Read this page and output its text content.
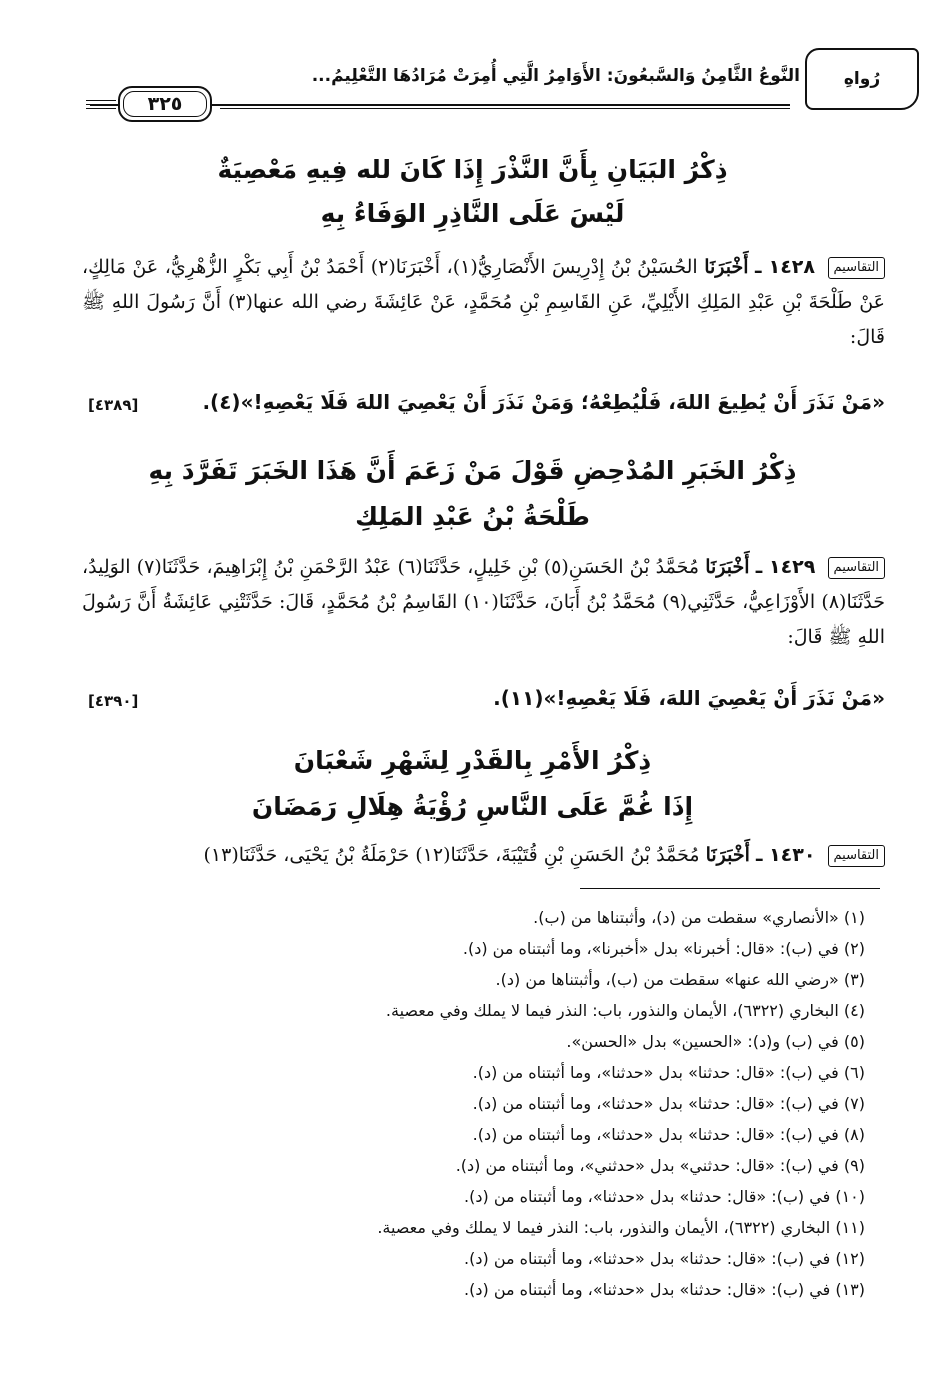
رُواهِ
النَّوعُ الثَّامِنُ وَالسَّبعُونَ: الأَوَامِرُ الَّتِي أُمِرَتْ مُرَادُهَا التَّعْلِيمُ...
٣٢٥
ذِكْرُ البَيَانِ بِأَنَّ النَّذْرَ إِذَا كَانَ لله فِيهِ مَعْصِيَةٌ
لَيْسَ عَلَى النَّاذِرِ الوَفَاءُ بِهِ
التقاسيم ١٤٢٨ ـ أَخْبَرَنَا الحُسَيْنُ بْنُ إِدْرِيسَ الأَنْصَارِيُّ(١)، أَخْبَرَنَا(٢) أَحْمَدُ بْنُ أَبِي بَكْرٍ الزُّهْرِيُّ، عَنْ مَالِكٍ، عَنْ طَلْحَةَ بْنِ عَبْدِ المَلِكِ الأَيْلِيِّ، عَنِ القَاسِمِ بْنِ مُحَمَّدٍ، عَنْ عَائِشَةَ رضي الله عنها(٣) أَنَّ رَسُولَ اللهِ ﷺ قَالَ:
«مَنْ نَذَرَ أَنْ يُطِيعَ اللهَ، فَلْيُطِعْهُ؛ وَمَنْ نَذَرَ أَنْ يَعْصِيَ اللهَ فَلَا يَعْصِهِ!»(٤).
[٤٣٨٩]
ذِكْرُ الخَبَرِ المُدْحِضِ قَوْلَ مَنْ زَعَمَ أَنَّ هَذَا الخَبَرَ تَفَرَّدَ بِهِ
طَلْحَةُ بْنُ عَبْدِ المَلِكِ
التقاسيم ١٤٢٩ ـ أَخْبَرَنَا مُحَمَّدُ بْنُ الحَسَنِ(٥) بْنِ خَلِيلٍ، حَدَّثَنَا(٦) عَبْدُ الرَّحْمَنِ بْنُ إِبْرَاهِيمَ، حَدَّثَنَا(٧) الوَلِيدُ، حَدَّثَنَا(٨) الأَوْزَاعِيُّ، حَدَّثَنِي(٩) مُحَمَّدُ بْنُ أَبَانَ، حَدَّثَنَا(١٠) القَاسِمُ بْنُ مُحَمَّدٍ، قَالَ: حَدَّثَتْنِي عَائِشَةُ أَنَّ رَسُولَ اللهِ ﷺ قَالَ:
«مَنْ نَذَرَ أَنْ يَعْصِيَ اللهَ، فَلَا يَعْصِهِ!»(١١).
[٤٣٩٠]
ذِكْرُ الأَمْرِ بِالقَدْرِ لِشَهْرِ شَعْبَانَ
إِذَا غُمَّ عَلَى النَّاسِ رُؤْيَةُ هِلَالِ رَمَضَانَ
التقاسيم ١٤٣٠ ـ أَخْبَرَنَا مُحَمَّدُ بْنُ الحَسَنِ بْنِ قُتَيْبَةَ، حَدَّثَنَا(١٢) حَرْمَلَةُ بْنُ يَحْيَى، حَدَّثَنَا(١٣)
(١) «الأنصاري» سقطت من (د)، وأثبتناها من (ب).
(٢) في (ب): «قال: أخبرنا» بدل «أخبرنا»، وما أثبتناه من (د).
(٣) «رضي الله عنها» سقطت من (ب)، وأثبتناها من (د).
(٤) البخاري (٦٣٢٢)، الأيمان والنذور، باب: النذر فيما لا يملك وفي معصية.
(٥) في (ب) و(د): «الحسين» بدل «الحسن».
(٦) في (ب): «قال: حدثنا» بدل «حدثنا»، وما أثبتناه من (د).
(٧) في (ب): «قال: حدثنا» بدل «حدثنا»، وما أثبتناه من (د).
(٨) في (ب): «قال: حدثنا» بدل «حدثنا»، وما أثبتناه من (د).
(٩) في (ب): «قال: حدثني» بدل «حدثني»، وما أثبتناه من (د).
(١٠) في (ب): «قال: حدثنا» بدل «حدثنا»، وما أثبتناه من (د).
(١١) البخاري (٦٣٢٢)، الأيمان والنذور، باب: النذر فيما لا يملك وفي معصية.
(١٢) في (ب): «قال: حدثنا» بدل «حدثنا»، وما أثبتناه من (د).
(١٣) في (ب): «قال: حدثنا» بدل «حدثنا»، وما أثبتناه من (د).
